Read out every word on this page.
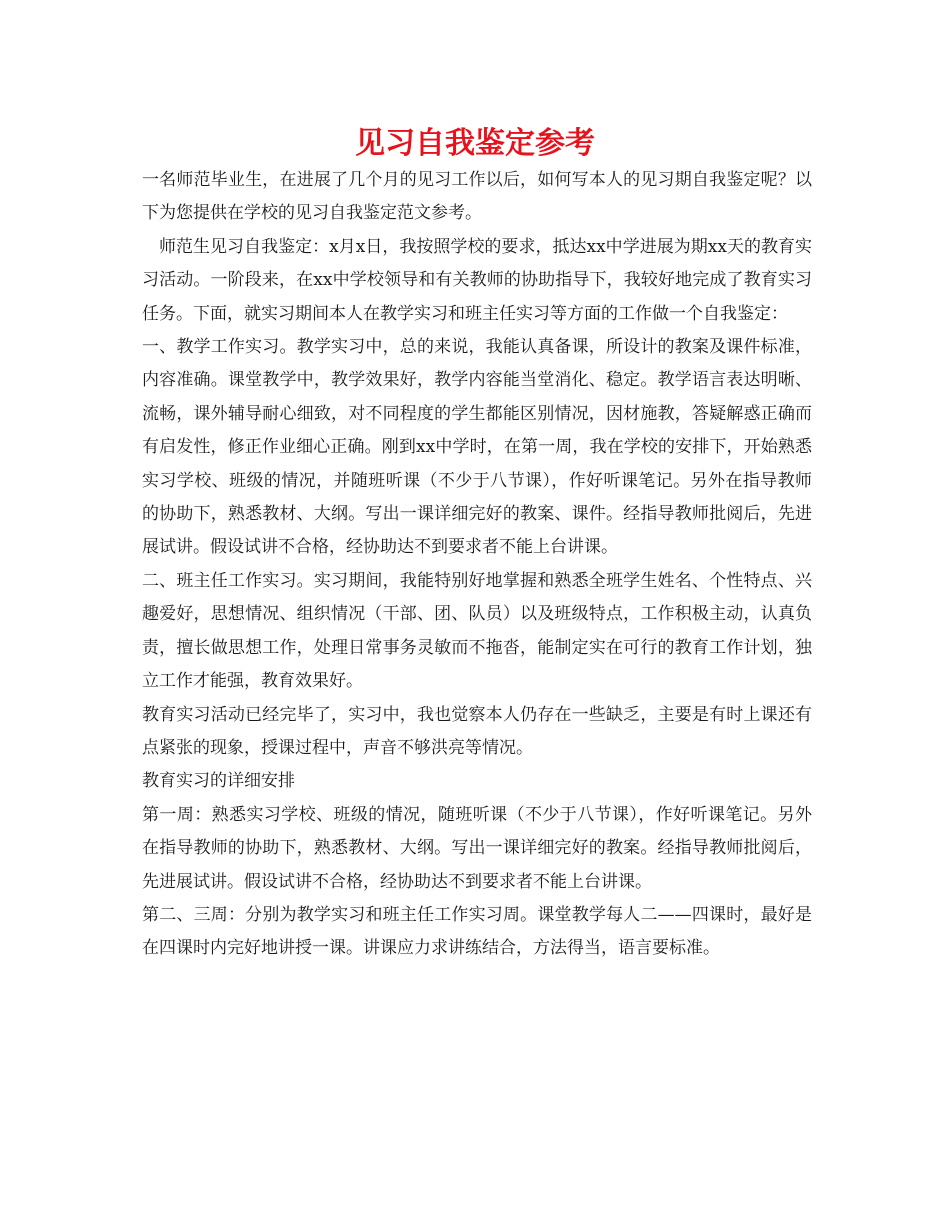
见习自我鉴定参考

一名师范毕业生，在进展了几个月的见习工作以后，如何写本人的见习期自我鉴定呢？以下为您提供在学校的见习自我鉴定范文参考。

师范生见习自我鉴定：x月x日，我按照学校的要求，抵达xx中学进展为期xx天的教育实习活动。一阶段来，在xx中学校领导和有关教师的协助指导下，我较好地完成了教育实习任务。下面，就实习期间本人在教学实习和班主任实习等方面的工作做一个自我鉴定：

一、教学工作实习。教学实习中，总的来说，我能认真备课，所设计的教案及课件标准，内容准确。课堂教学中，教学效果好，教学内容能当堂消化、稳定。教学语言表达明晰、流畅，课外辅导耐心细致，对不同程度的学生都能区别情况，因材施教，答疑解惑正确而有启发性，修正作业细心正确。刚到xx中学时，在第一周，我在学校的安排下，开始熟悉实习学校、班级的情况，并随班听课（不少于八节课），作好听课笔记。另外在指导教师的协助下，熟悉教材、大纲。写出一课详细完好的教案、课件。经指导教师批阅后，先进展试讲。假设试讲不合格，经协助达不到要求者不能上台讲课。

二、班主任工作实习。实习期间，我能特别好地掌握和熟悉全班学生姓名、个性特点、兴趣爱好，思想情况、组织情况（干部、团、队员）以及班级特点，工作积极主动，认真负责，擅长做思想工作，处理日常事务灵敏而不拖沓，能制定实在可行的教育工作计划，独立工作才能强，教育效果好。

教育实习活动已经完毕了，实习中，我也觉察本人仍存在一些缺乏，主要是有时上课还有点紧张的现象，授课过程中，声音不够洪亮等情况。

教育实习的详细安排

第一周：熟悉实习学校、班级的情况，随班听课（不少于八节课），作好听课笔记。另外在指导教师的协助下，熟悉教材、大纲。写出一课详细完好的教案。经指导教师批阅后，先进展试讲。假设试讲不合格，经协助达不到要求者不能上台讲课。

第二、三周：分别为教学实习和班主任工作实习周。课堂教学每人二——四课时，最好是在四课时内完好地讲授一课。讲课应力求讲练结合，方法得当，语言要标准。
